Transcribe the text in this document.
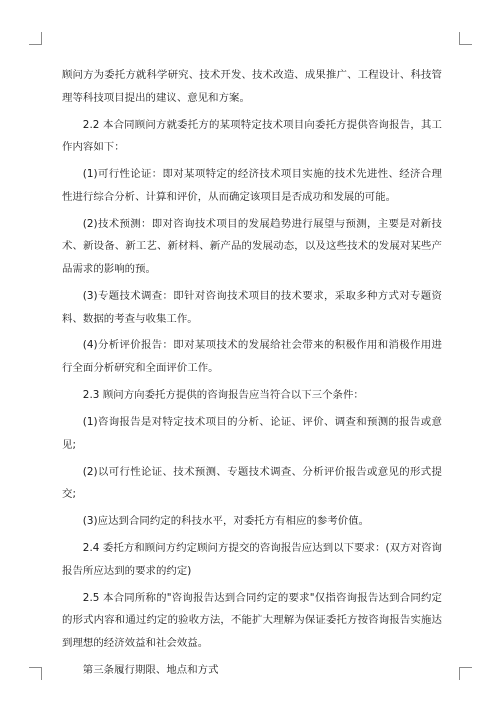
顾问方为委托方就科学研究、技术开发、技术改造、成果推广、工程设计、科技管理等科技项目提出的建议、意见和方案。

2.2 本合同顾问方就委托方的某项特定技术项目向委托方提供咨询报告，其工作内容如下：

(1)可行性论证：即对某项特定的经济技术项目实施的技术先进性、经济合理性进行综合分析、计算和评价，从而确定该项目是否成功和发展的可能。

(2)技术预测：即对咨询技术项目的发展趋势进行展望与预测，主要是对新技术、新设备、新工艺、新材料、新产品的发展动态，以及这些技术的发展对某些产品需求的影响的预。

(3)专题技术调查：即针对咨询技术项目的技术要求，采取多种方式对专题资料、数据的考查与收集工作。

(4)分析评价报告：即对某项技术的发展给社会带来的积极作用和消极作用进行全面分析研究和全面评价工作。

2.3 顾问方向委托方提供的咨询报告应当符合以下三个条件：

(1)咨询报告是对特定技术项目的分析、论证、评价、调查和预测的报告或意见;

(2)以可行性论证、技术预测、专题技术调查、分析评价报告或意见的形式提交;

(3)应达到合同约定的科技水平，对委托方有相应的参考价值。

2.4 委托方和顾问方约定顾问方提交的咨询报告应达到以下要求：(双方对咨询报告所应达到的要求的约定)

2.5 本合同所称的"咨询报告达到合同约定的要求"仅指咨询报告达到合同约定的形式内容和通过约定的验收方法，不能扩大理解为保证委托方按咨询报告实施达到理想的经济效益和社会效益。

第三条履行期限、地点和方式
